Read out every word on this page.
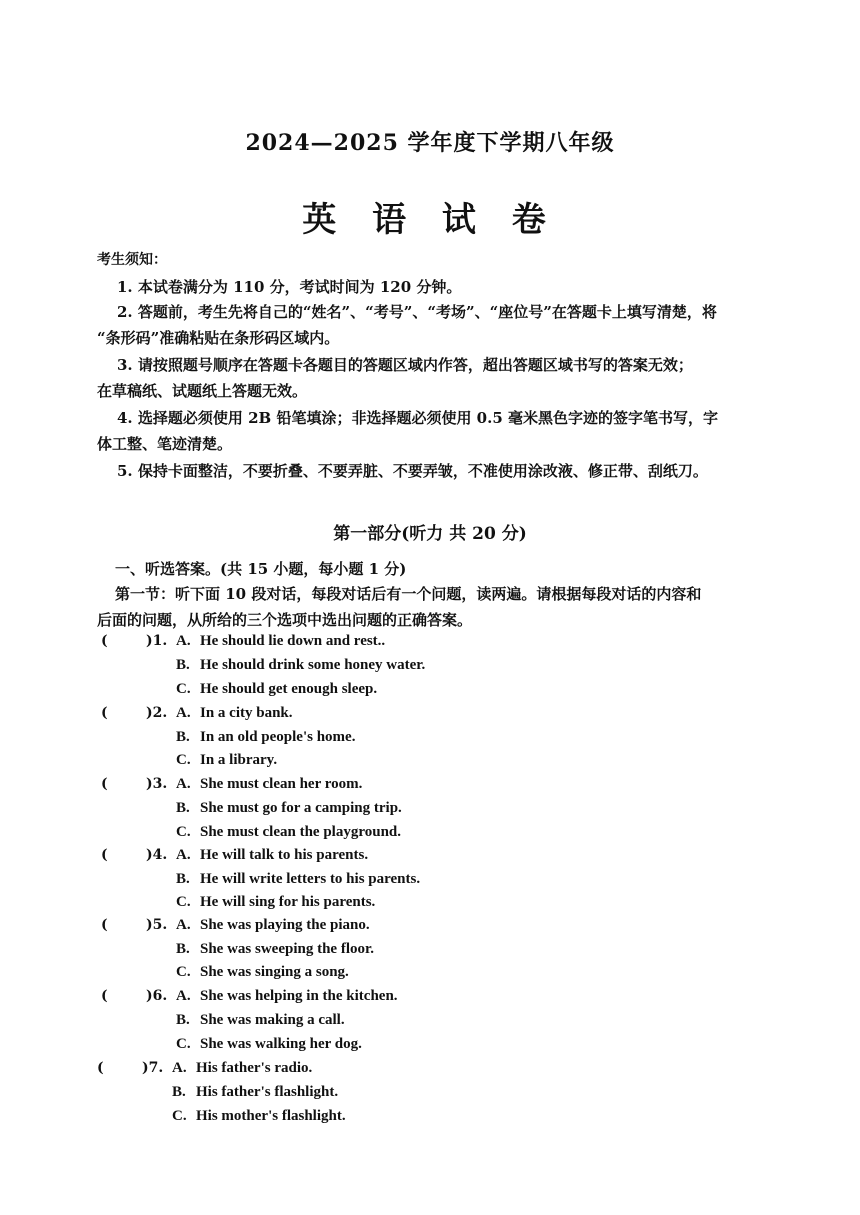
2024—2025 学年度下学期八年级
英 语 试 卷
考生须知：
1. 本试卷满分为 110 分，考试时间为 120 分钟。
2. 答题前，考生先将自己的“姓名”、“考号”、“考场”、“座位号”在答题卡上填写清楚，将
“条形码”准确粘贴在条形码区域内。
3. 请按照题号顺序在答题卡各题目的答题区域内作答，超出答题区域书写的答案无效；
在草稿纸、试题纸上答题无效。
4. 选择题必须使用 2B 铅笔填涂；非选择题必须使用 0.5 毫米黑色字迹的签字笔书写，字
体工整、笔迹清楚。
5. 保持卡面整洁，不要折叠、不要弄脏、不要弄皱，不准使用涂改液、修正带、刮纸刀。
第一部分(听力 共 20 分)
一、听选答案。(共 15 小题，每小题 1 分)
第一节：听下面 10 段对话，每段对话后有一个问题，读两遍。请根据每段对话的内容和
后面的问题，从所给的三个选项中选出问题的正确答案。
(	)1. A. He should lie down and rest..
B. He should drink some honey water.
C. He should get enough sleep.
(	)2. A. In a city bank.
B. In an old people's home.
C. In a library.
(	)3. A. She must clean her room.
B. She must go for a camping trip.
C. She must clean the playground.
(	)4. A. He will talk to his parents.
B. He will write letters to his parents.
C. He will sing for his parents.
(	)5. A. She was playing the piano.
B. She was sweeping the floor.
C. She was singing a song.
(	)6. A. She was helping in the kitchen.
B. She was making a call.
C. She was walking her dog.
(	)7. A. His father's radio.
B. His father's flashlight.
C. His mother's flashlight.
